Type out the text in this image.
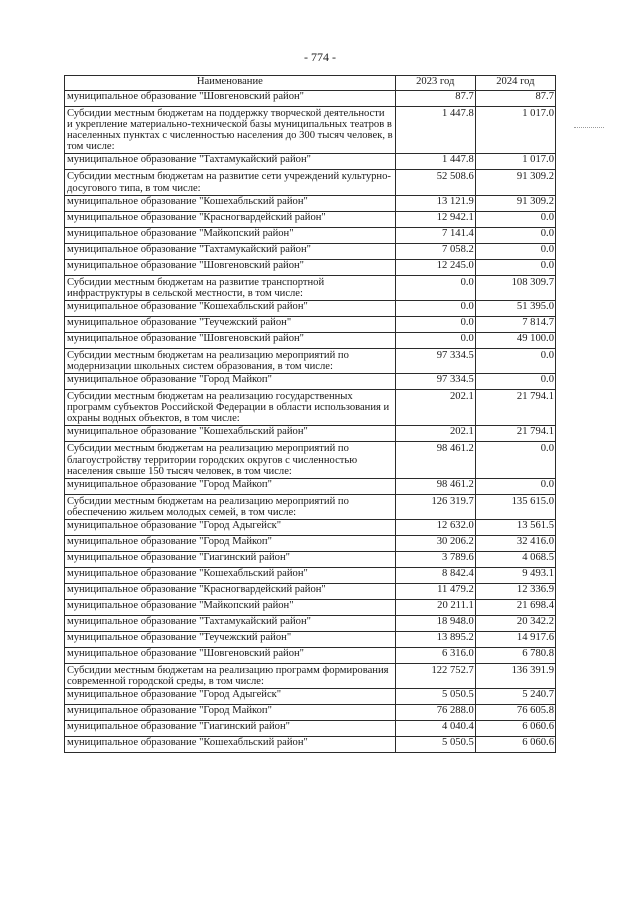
- 774 -
Наименование	2023 год	2024 год
муниципальное образование "Шовгеновский район"	87.7	87.7
Субсидии местным бюджетам на поддержку творческой деятельности и укрепление материально-технической базы муниципальных театров в населенных пунктах с численностью населения до 300 тысяч человек, в том числе:	1 447.8	1 017.0
муниципальное образование "Тахтамукайский район"	1 447.8	1 017.0
Субсидии местным бюджетам на развитие сети учреждений культурно-досугового типа, в том числе:	52 508.6	91 309.2
муниципальное образование "Кошехабльский район"	13 121.9	91 309.2
муниципальное образование "Красногвардейский район"	12 942.1	0.0
муниципальное образование "Майкопский район"	7 141.4	0.0
муниципальное образование "Тахтамукайский район"	7 058.2	0.0
муниципальное образование "Шовгеновский район"	12 245.0	0.0
Субсидии местным бюджетам на развитие транспортной инфраструктуры в сельской местности, в том числе:	0.0	108 309.7
муниципальное образование "Кошехабльский район"	0.0	51 395.0
муниципальное образование "Теучежский район"	0.0	7 814.7
муниципальное образование "Шовгеновский район"	0.0	49 100.0
Субсидии местным бюджетам на реализацию мероприятий по модернизации школьных систем образования, в том числе:	97 334.5	0.0
муниципальное образование "Город Майкоп"	97 334.5	0.0
Субсидии местным бюджетам на реализацию государственных программ субъектов Российской Федерации в области использования и охраны водных объектов, в том числе:	202.1	21 794.1
муниципальное образование "Кошехабльский район"	202.1	21 794.1
Субсидии местным бюджетам на реализацию мероприятий по благоустройству территории городских округов с численностью населения свыше 150 тысяч человек, в том числе:	98 461.2	0.0
муниципальное образование "Город Майкоп"	98 461.2	0.0
Субсидии местным бюджетам на реализацию мероприятий по обеспечению жильем молодых семей, в том числе:	126 319.7	135 615.0
муниципальное образование "Город Адыгейск"	12 632.0	13 561.5
муниципальное образование "Город Майкоп"	30 206.2	32 416.0
муниципальное образование "Гиагинский район"	3 789.6	4 068.5
муниципальное образование "Кошехабльский район"	8 842.4	9 493.1
муниципальное образование "Красногвардейский район"	11 479.2	12 336.9
муниципальное образование "Майкопский район"	20 211.1	21 698.4
муниципальное образование "Тахтамукайский район"	18 948.0	20 342.2
муниципальное образование "Теучежский район"	13 895.2	14 917.6
муниципальное образование "Шовгеновский район"	6 316.0	6 780.8
Субсидии местным бюджетам на реализацию программ формирования современной городской среды, в том числе:	122 752.7	136 391.9
муниципальное образование "Город Адыгейск"	5 050.5	5 240.7
муниципальное образование "Город Майкоп"	76 288.0	76 605.8
муниципальное образование "Гиагинский район"	4 040.4	6 060.6
муниципальное образование "Кошехабльский район"	5 050.5	6 060.6
